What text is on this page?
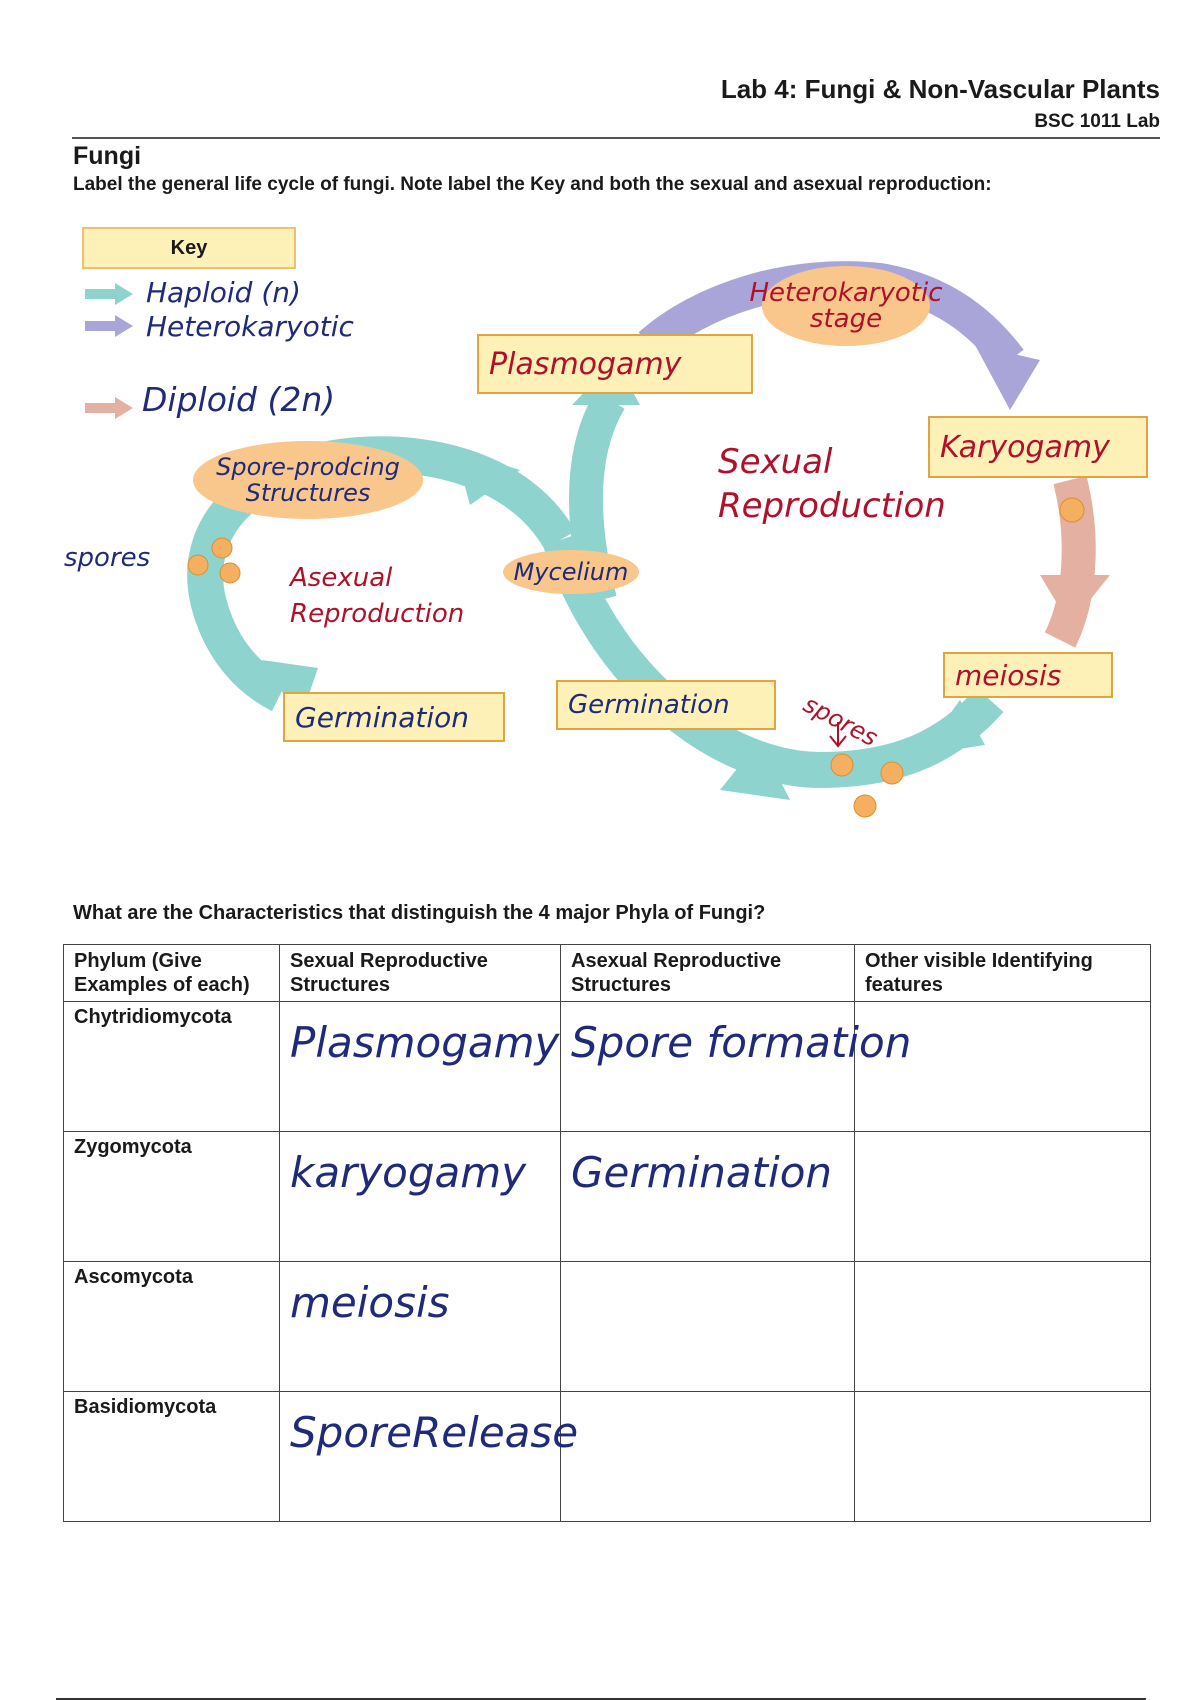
Lab 4: Fungi & Non-Vascular Plants
BSC 1011 Lab
Fungi
Label the general life cycle of fungi. Note label the Key and both the sexual and asexual reproduction:
Key
Haploid (n)
Heterokaryotic
Diploid (2n)
Heterokaryotic stage
Plasmogamy
Karyogamy
Sexual Reproduction
Spore-prodcing Structures
spores
Asexual Reproduction
Mycelium
Germination	Germination	spores
meiosis
What are the Characteristics that distinguish the 4 major Phyla of Fungi?
Phylum (Give Examples of each)	Sexual Reproductive Structures	Asexual Reproductive Structures	Other visible Identifying features
Chytridiomycota	Plasmogamy	Spore formation	

Zygomycota	karyogamy	Germination	

Ascomycota	meiosis		

Basidiomycota	SporeRelease		
